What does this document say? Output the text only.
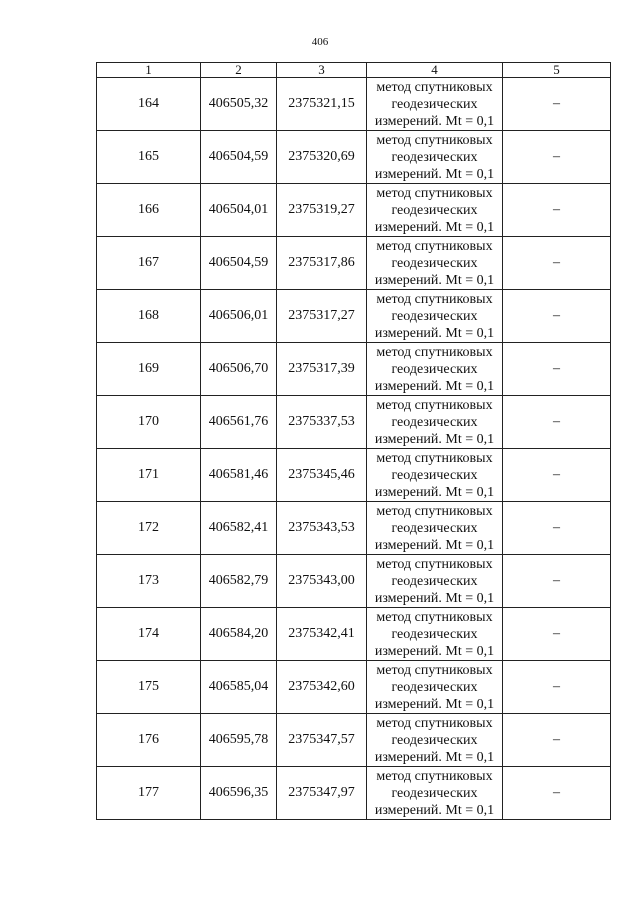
406
1	2	3	4	5
164	406505,32	2375321,15	метод спутниковых
геодезических
измерений. Mt = 0,1	–
165	406504,59	2375320,69	метод спутниковых
геодезических
измерений. Mt = 0,1	–
166	406504,01	2375319,27	метод спутниковых
геодезических
измерений. Mt = 0,1	–
167	406504,59	2375317,86	метод спутниковых
геодезических
измерений. Mt = 0,1	–
168	406506,01	2375317,27	метод спутниковых
геодезических
измерений. Mt = 0,1	–
169	406506,70	2375317,39	метод спутниковых
геодезических
измерений. Mt = 0,1	–
170	406561,76	2375337,53	метод спутниковых
геодезических
измерений. Mt = 0,1	–
171	406581,46	2375345,46	метод спутниковых
геодезических
измерений. Mt = 0,1	–
172	406582,41	2375343,53	метод спутниковых
геодезических
измерений. Mt = 0,1	–
173	406582,79	2375343,00	метод спутниковых
геодезических
измерений. Mt = 0,1	–
174	406584,20	2375342,41	метод спутниковых
геодезических
измерений. Mt = 0,1	–
175	406585,04	2375342,60	метод спутниковых
геодезических
измерений. Mt = 0,1	–
176	406595,78	2375347,57	метод спутниковых
геодезических
измерений. Mt = 0,1	–
177	406596,35	2375347,97	метод спутниковых
геодезических
измерений. Mt = 0,1	–
